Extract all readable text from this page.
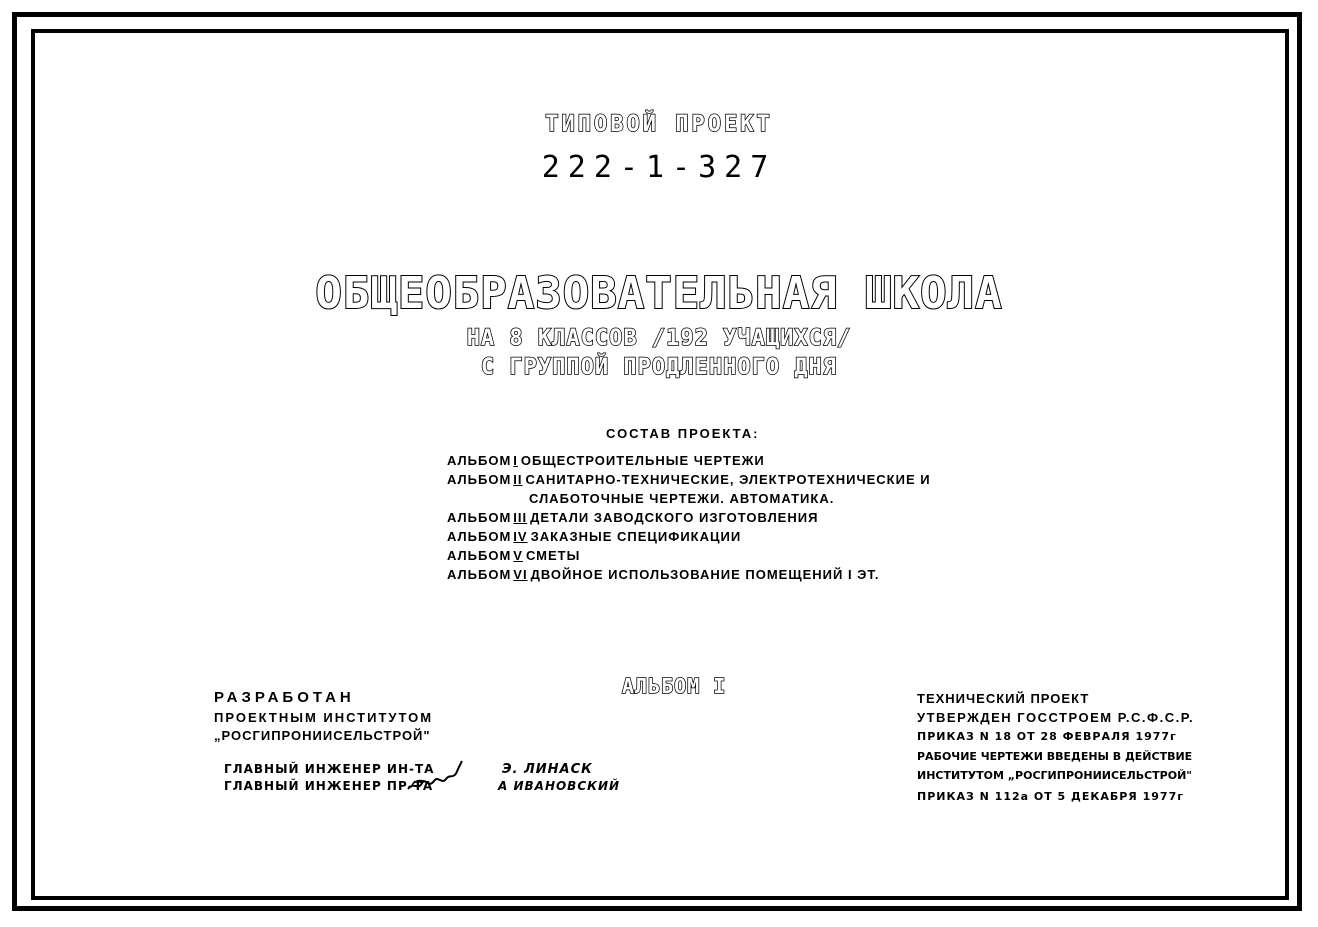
ТИПОВОЙ ПРОЕКТ
222-1-327
ОБЩЕОБРАЗОВАТЕЛЬНАЯ ШКОЛА
НА 8 КЛАССОВ /192 УЧАЩИХСЯ/
С ГРУППОЙ ПРОДЛЕННОГО ДНЯ
СОСТАВ ПРОЕКТА:
АЛЬБОМ I ОБЩЕСТРОИТЕЛЬНЫЕ ЧЕРТЕЖИ
АЛЬБОМ II САНИТАРНО-ТЕХНИЧЕСКИЕ, ЭЛЕКТРОТЕХНИЧЕСКИЕ И
СЛАБОТОЧНЫЕ ЧЕРТЕЖИ. АВТОМАТИКА.
АЛЬБОМ III ДЕТАЛИ ЗАВОДСКОГО ИЗГОТОВЛЕНИЯ
АЛЬБОМ IV ЗАКАЗНЫЕ СПЕЦИФИКАЦИИ
АЛЬБОМ V СМЕТЫ
АЛЬБОМ VI ДВОЙНОЕ ИСПОЛЬЗОВАНИЕ ПОМЕЩЕНИЙ I ЭТ.
АЛЬБОМ I
РАЗРАБОТАН
ПРОЕКТНЫМ ИНСТИТУТОМ
„РОСГИПРОНИИСЕЛЬСТРОЙ"
ГЛАВНЫЙ ИНЖЕНЕР ИН-ТА
ГЛАВНЫЙ ИНЖЕНЕР ПР-ТА
Э. ЛИНАСК
А ИВАНОВСКИЙ
ТЕХНИЧЕСКИЙ ПРОЕКТ
УТВЕРЖДЕН ГОССТРОЕМ Р.С.Ф.С.Р.
ПРИКАЗ N 18 ОТ 28 ФЕВРАЛЯ 1977г
РАБОЧИЕ ЧЕРТЕЖИ ВВЕДЕНЫ В ДЕЙСТВИЕ
ИНСТИТУТОМ „РОСГИПРОНИИСЕЛЬСТРОЙ"
ПРИКАЗ N 112а ОТ 5 ДЕКАБРЯ 1977г
